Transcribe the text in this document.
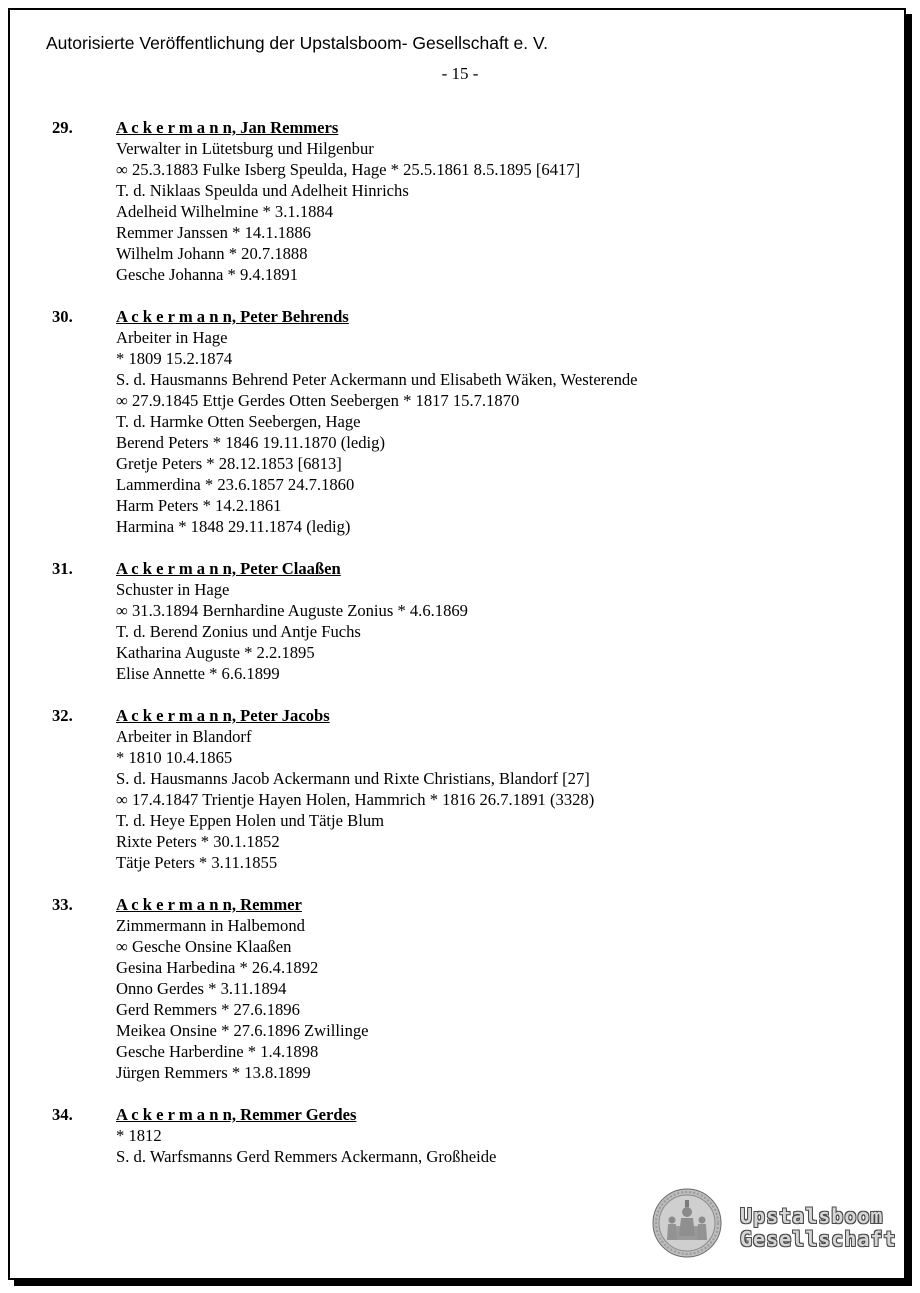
Autorisierte Veröffentlichung der Upstalsboom- Gesellschaft e. V.
- 15 -
29.	A c k e r m a n n, Jan Remmers
Verwalter in Lütetsburg und Hilgenbur
∞ 25.3.1883 Fulke Isberg Speulda, Hage * 25.5.1861 8.5.1895 [6417]
T. d. Niklaas Speulda und Adelheit Hinrichs
Adelheid Wilhelmine * 3.1.1884
Remmer Janssen * 14.1.1886
Wilhelm Johann * 20.7.1888
Gesche Johanna * 9.4.1891
30.	A c k e r m a n n, Peter Behrends
Arbeiter in Hage
* 1809 15.2.1874
S. d. Hausmanns Behrend Peter Ackermann und Elisabeth Wäken, Westerende
∞ 27.9.1845 Ettje Gerdes Otten Seebergen * 1817 15.7.1870
T. d. Harmke Otten Seebergen, Hage
Berend Peters * 1846 19.11.1870 (ledig)
Gretje Peters * 28.12.1853 [6813]
Lammerdina * 23.6.1857 24.7.1860
Harm Peters * 14.2.1861
Harmina * 1848 29.11.1874 (ledig)
31.	A c k e r m a n n, Peter Claaßen
Schuster in Hage
∞ 31.3.1894 Bernhardine Auguste Zonius * 4.6.1869
T. d. Berend Zonius und Antje Fuchs
Katharina Auguste * 2.2.1895
Elise Annette * 6.6.1899
32.	A c k e r m a n n, Peter Jacobs
Arbeiter in Blandorf
* 1810 10.4.1865
S. d. Hausmanns Jacob Ackermann und Rixte Christians, Blandorf [27]
∞ 17.4.1847 Trientje Hayen Holen, Hammrich * 1816 26.7.1891 (3328)
T. d. Heye Eppen Holen und Tätje Blum
Rixte Peters * 30.1.1852
Tätje Peters * 3.11.1855
33.	A c k e r m a n n, Remmer
Zimmermann in Halbemond
∞ Gesche Onsine Klaaßen
Gesina Harbedina * 26.4.1892
Onno Gerdes * 3.11.1894
Gerd Remmers * 27.6.1896
Meikea Onsine * 27.6.1896 Zwillinge
Gesche Harberdine * 1.4.1898
Jürgen Remmers * 13.8.1899
34.	A c k e r m a n n, Remmer Gerdes
* 1812
S. d. Warfsmanns Gerd Remmers Ackermann, Großheide
Upstalsboom
Gesellschaft
